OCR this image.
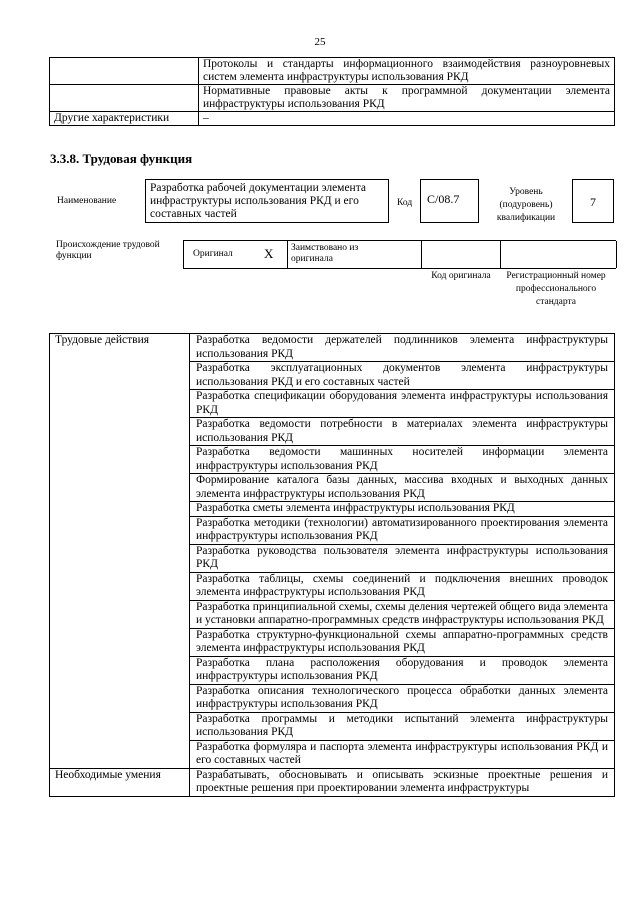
25
	Протоколы и стандарты информационного взаимодействия разноуровневых систем элемента инфраструктуры использования РКД
	Нормативные правовые акты к программной документации элемента инфраструктуры использования РКД
Другие характеристики	–
3.3.8. Трудовая функция
Наименование
Разработка рабочей документации элемента инфраструктуры использования РКД и его составных частей
Код	С/08.7	Уровень (подуровень) квалификации
7
Происхождение трудовой функции	Оригинал Х Заимствовано из оригинала
Код оригинала	Регистрационный номер профессионального стандарта
Трудовые действия	Разработка ведомости держателей подлинников элемента инфраструктуры использования РКД
	Разработка эксплуатационных документов элемента инфраструктуры использования РКД и его составных частей
	Разработка спецификации оборудования элемента инфраструктуры использования РКД
	Разработка ведомости потребности в материалах элемента инфраструктуры использования РКД
	Разработка ведомости машинных носителей информации элемента инфраструктуры использования РКД
	Формирование каталога базы данных, массива входных и выходных данных элемента инфраструктуры использования РКД
	Разработка сметы элемента инфраструктуры использования РКД
	Разработка методики (технологии) автоматизированного проектирования элемента инфраструктуры использования РКД
	Разработка руководства пользователя элемента инфраструктуры использования РКД
	Разработка таблицы, схемы соединений и подключения внешних проводок элемента инфраструктуры использования РКД
	Разработка принципиальной схемы, схемы деления чертежей общего вида элемента и установки аппаратно-программных средств инфраструктуры использования РКД
	Разработка структурно-функциональной схемы аппаратно-программных средств элемента инфраструктуры использования РКД
	Разработка плана расположения оборудования и проводок элемента инфраструктуры использования РКД
	Разработка описания технологического процесса обработки данных элемента инфраструктуры использования РКД
	Разработка программы и методики испытаний элемента инфраструктуры использования РКД
	Разработка формуляра и паспорта элемента инфраструктуры использования РКД и его составных частей
Необходимые умения	Разрабатывать, обосновывать и описывать эскизные проектные решения и проектные решения при проектировании элемента инфраструктуры
